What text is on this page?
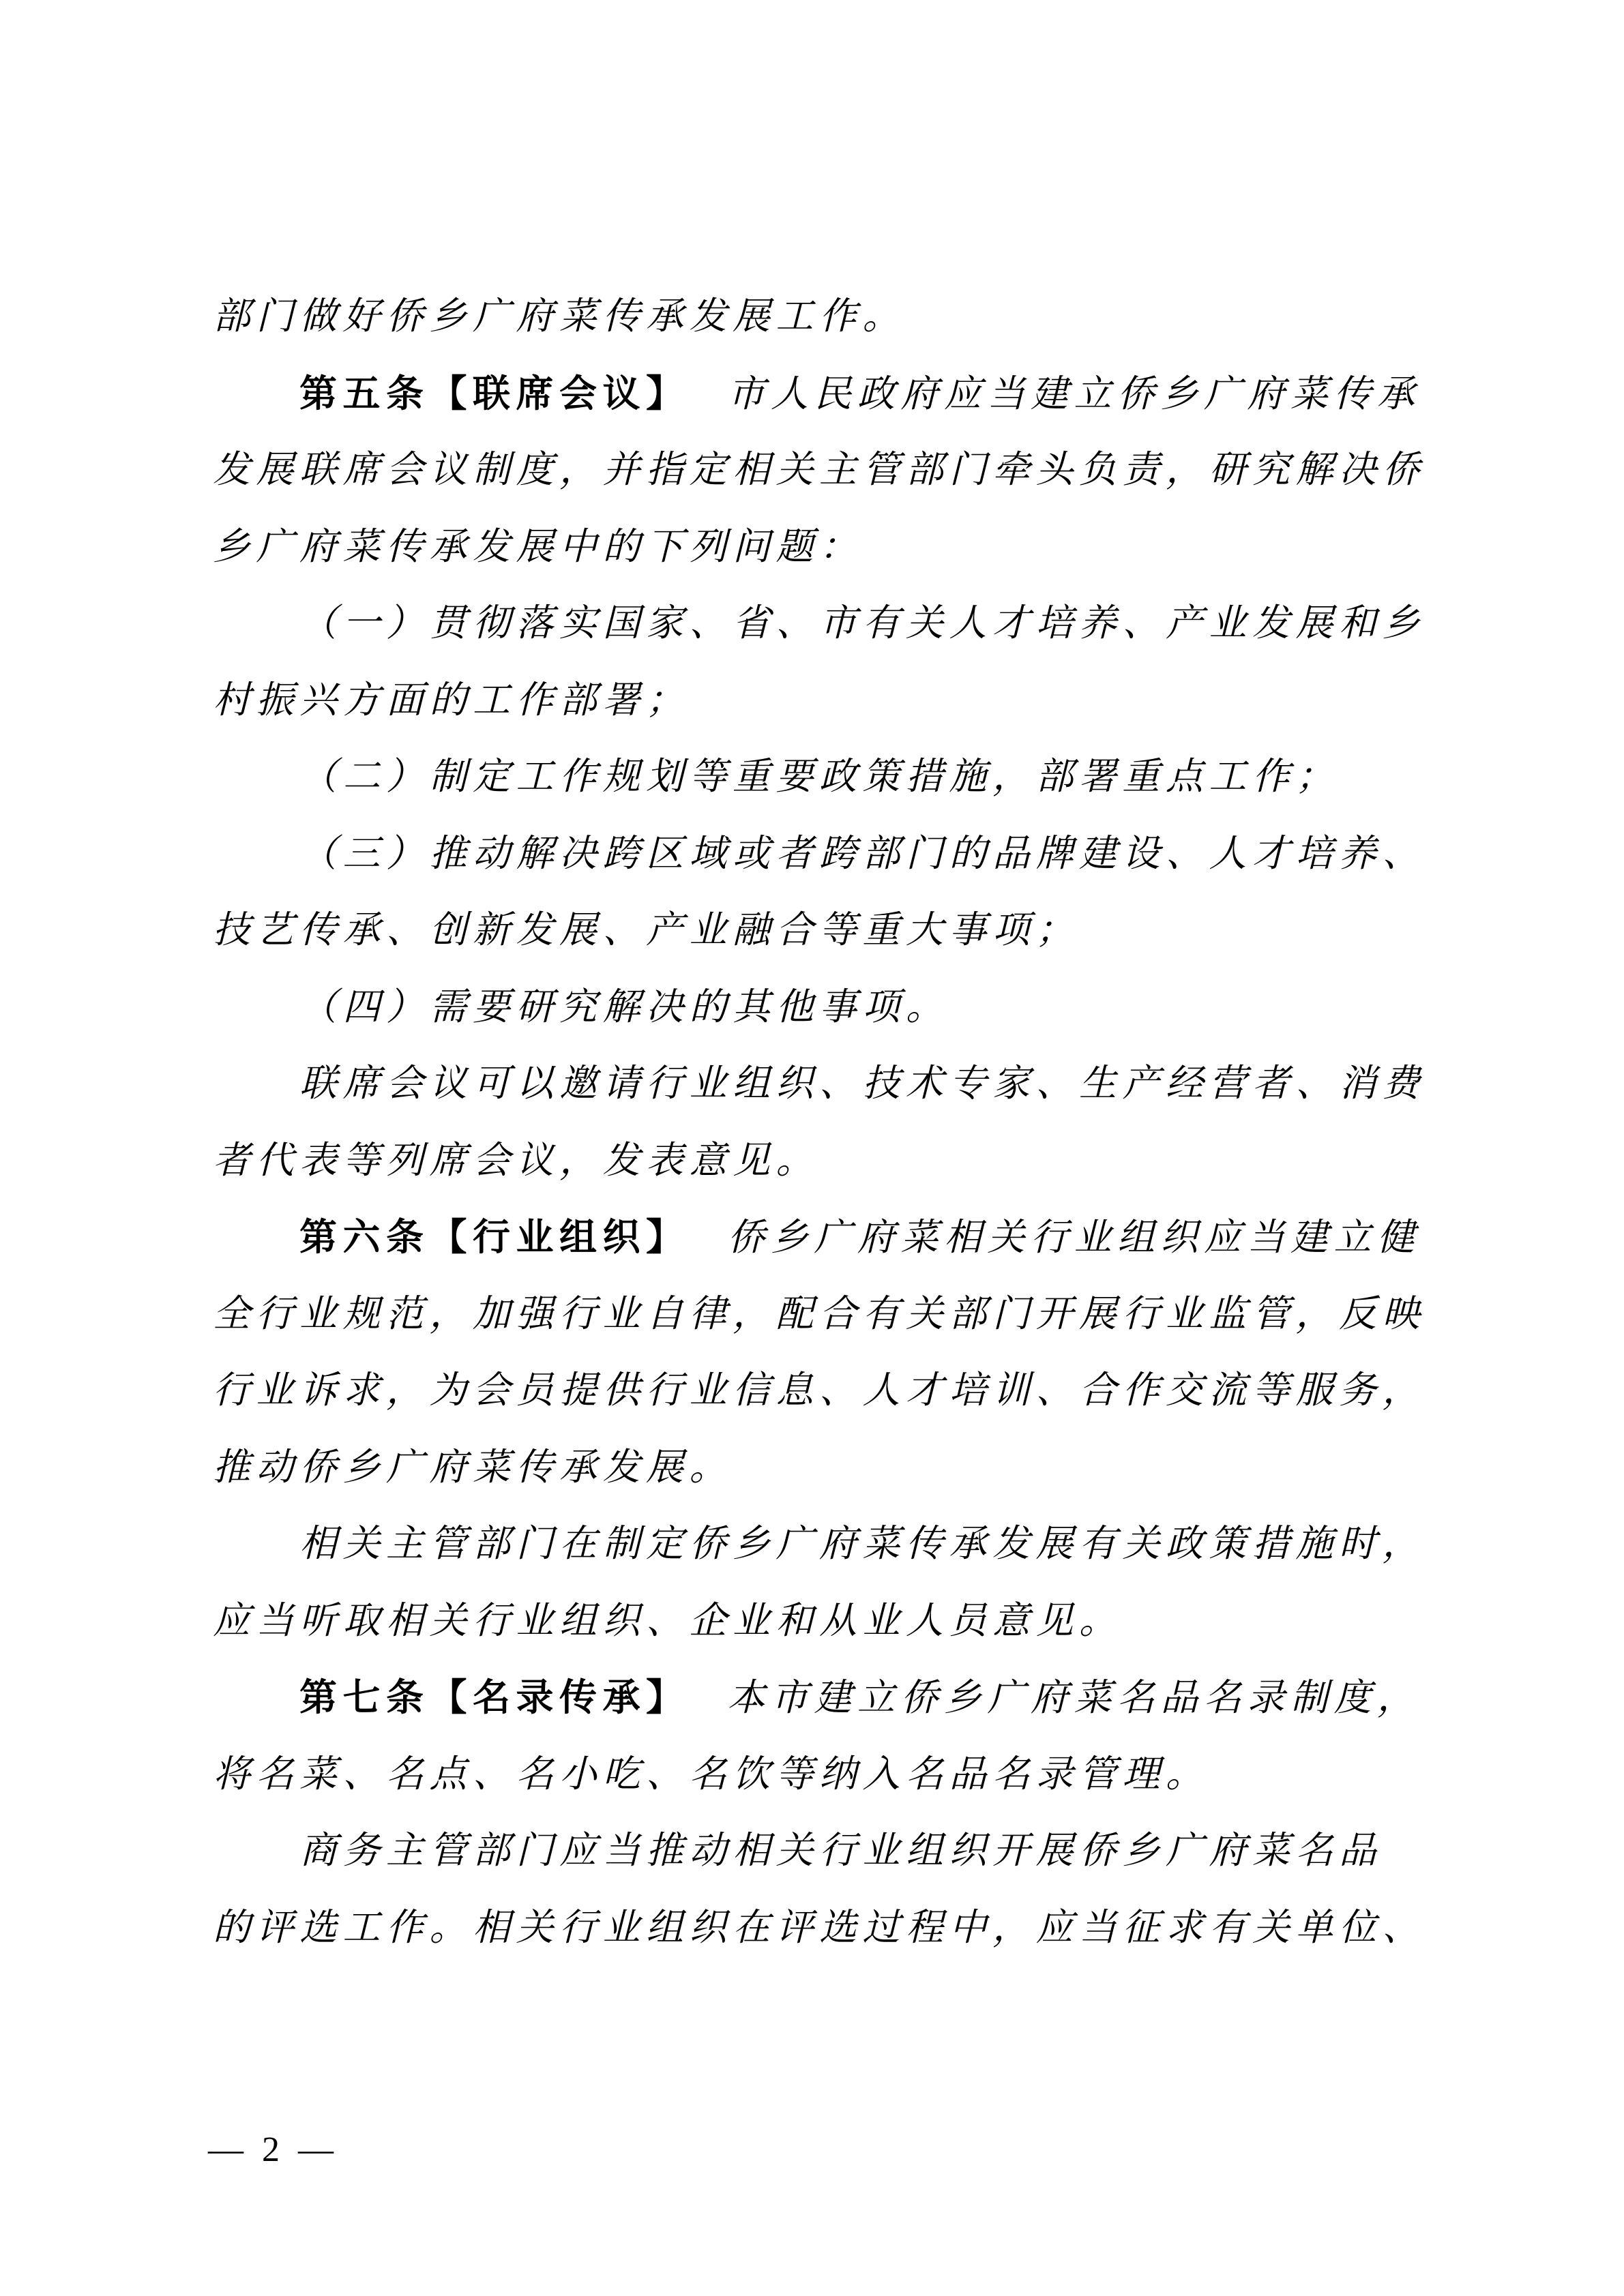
部门做好侨乡广府菜传承发展工作。
第五条【联席会议】 市人民政府应当建立侨乡广府菜传承
发展联席会议制度，并指定相关主管部门牵头负责，研究解决侨
乡广府菜传承发展中的下列问题：
（一）贯彻落实国家、省、市有关人才培养、产业发展和乡
村振兴方面的工作部署；
（二）制定工作规划等重要政策措施，部署重点工作；
（三）推动解决跨区域或者跨部门的品牌建设、人才培养、
技艺传承、创新发展、产业融合等重大事项；
（四）需要研究解决的其他事项。
联席会议可以邀请行业组织、技术专家、生产经营者、消费
者代表等列席会议，发表意见。
第六条【行业组织】 侨乡广府菜相关行业组织应当建立健
全行业规范，加强行业自律，配合有关部门开展行业监管，反映
行业诉求，为会员提供行业信息、人才培训、合作交流等服务，
推动侨乡广府菜传承发展。
相关主管部门在制定侨乡广府菜传承发展有关政策措施时，
应当听取相关行业组织、企业和从业人员意见。
第七条【名录传承】 本市建立侨乡广府菜名品名录制度，
将名菜、名点、名小吃、名饮等纳入名品名录管理。
商务主管部门应当推动相关行业组织开展侨乡广府菜名品
的评选工作。相关行业组织在评选过程中，应当征求有关单位、
— 2 —
